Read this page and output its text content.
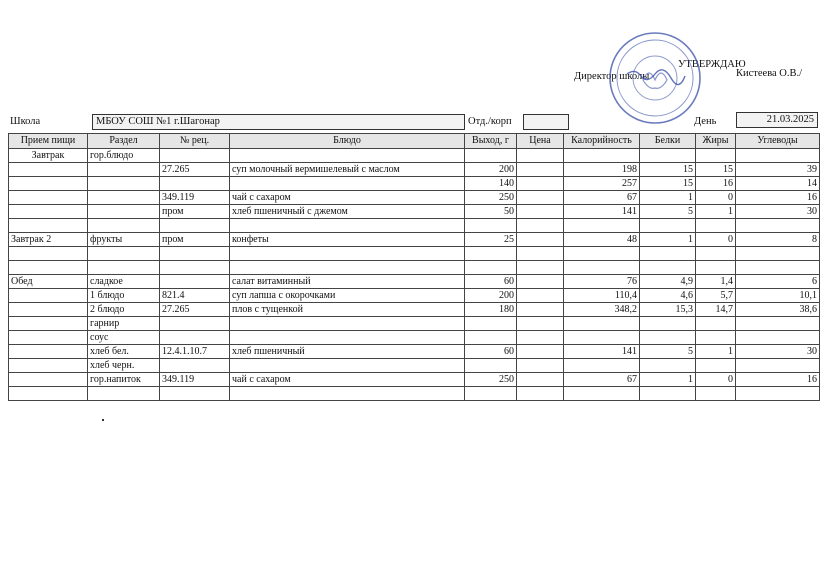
УТВЕРЖДАЮ
Директор школы	Кистеева О.В./
Школа	МБОУ СОШ №1 г.Шагонар	Отд./корп	День	21.03.2025
Прием пищи	Раздел	№ рец.	Блюдо	Выход, г	Цена	Калорийность	Белки	Жиры	Углеводы
Завтрак	гор.блюдо								
		27.265	суп молочный вермишелевый с маслом	200		198	15	15	39
				140		257	15	16	14
		349.119	чай с сахаром	250		67	1	0	16
		пром	хлеб пшеничный с джемом	50		141	5	1	30

Завтрак 2	фрукты	пром	конфеты	25		48	1	0	8

Обед	сладкое		салат витаминный	60		76	4,9	1,4	6
	1 блюдо	821.4	суп лапша с окорочками	200		110,4	4,6	5,7	10,1
	2 блюдо	27.265	плов с тущенкой	180		348,2	15,3	14,7	38,6
	гарнир								
	соус								
	хлеб бел.	12.4.1.10.7	хлеб пшеничный	60		141	5	1	30
	хлеб черн.								
	гор.напиток	349.119	чай с сахаром	250		67	1	0	16
